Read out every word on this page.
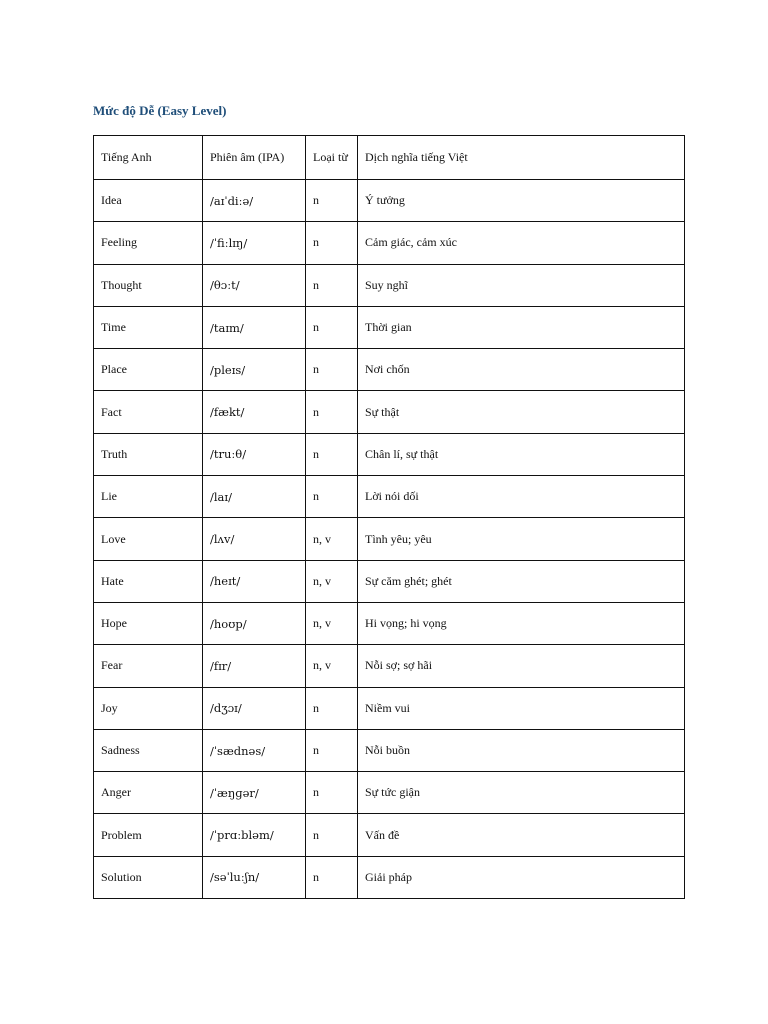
Mức độ Dễ (Easy Level)
Tiếng Anh	Phiên âm (IPA)	Loại từ	Dịch nghĩa tiếng Việt
Idea	/aɪˈdiːə/	n	Ý tưởng
Feeling	/ˈfiːlɪŋ/	n	Cảm giác, cảm xúc
Thought	/θɔːt/	n	Suy nghĩ
Time	/taɪm/	n	Thời gian
Place	/pleɪs/	n	Nơi chốn
Fact	/fækt/	n	Sự thật
Truth	/truːθ/	n	Chân lí, sự thật
Lie	/laɪ/	n	Lời nói dối
Love	/lʌv/	n, v	Tình yêu; yêu
Hate	/heɪt/	n, v	Sự căm ghét; ghét
Hope	/hoʊp/	n, v	Hi vọng; hi vọng
Fear	/fɪr/	n, v	Nỗi sợ; sợ hãi
Joy	/dʒɔɪ/	n	Niềm vui
Sadness	/ˈsædnəs/	n	Nỗi buồn
Anger	/ˈæŋɡər/	n	Sự tức giận
Problem	/ˈprɑːbləm/	n	Vấn đề
Solution	/səˈluːʃn/	n	Giải pháp
